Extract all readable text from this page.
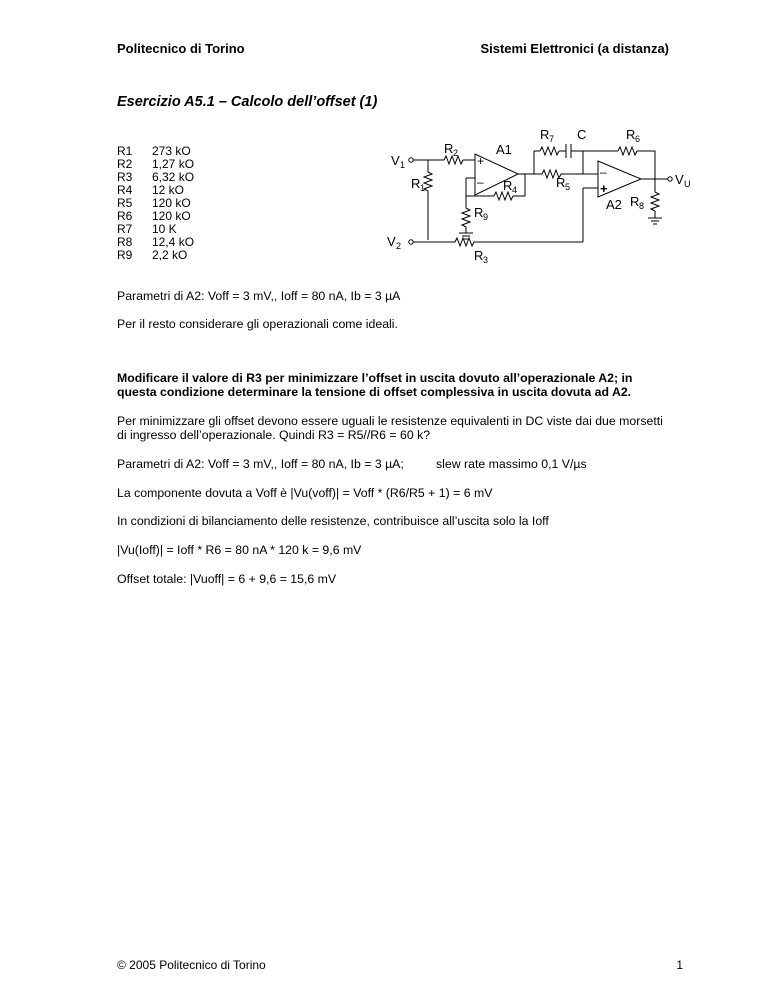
Politecnico di Torino	Sistemi Elettronici (a distanza)
Esercizio A5.1 – Calcolo dell’offset (1)
R1	273 kO
R2	1,27 kO
R3	6,32 kO
R4	12 kO
R5	120 kO
R6	120 kO
R7	10 K
R8	12,4 kO
R9	2,2 kO
V 1
V 2
V U
R 2
R 1	R 4
R 9
R 3
R 7 C	R 6
R 5
R 8
A1
A2
+
–
–
+
Parametri di A2: Voff = 3 mV,, Ioff = 80 nA, Ib = 3 µA
Per il resto considerare gli operazionali come ideali.
Modificare il valore di R3 per minimizzare l’offset in uscita dovuto all’operazionale A2; in
questa condizione determinare la tensione di offset complessiva in uscita dovuta ad A2.
Per minimizzare gli offset devono essere uguali le resistenze equivalenti in DC viste dai due morsetti
di ingresso dell’operazionale. Quindi R3 = R5//R6 = 60 k?
Parametri di A2: Voff = 3 mV,, Ioff = 80 nA, Ib = 3 µA;	slew rate massimo 0,1 V/µs
La componente dovuta a Voff è |Vu(voff)| = Voff * (R6/R5 + 1) = 6 mV
In condizioni di bilanciamento delle resistenze, contribuisce all’uscita solo la Ioff
|Vu(Ioff)| = Ioff * R6 = 80 nA * 120 k = 9,6 mV
Offset totale: |Vuoff| = 6 + 9,6 = 15,6 mV
© 2005 Politecnico di Torino	1
